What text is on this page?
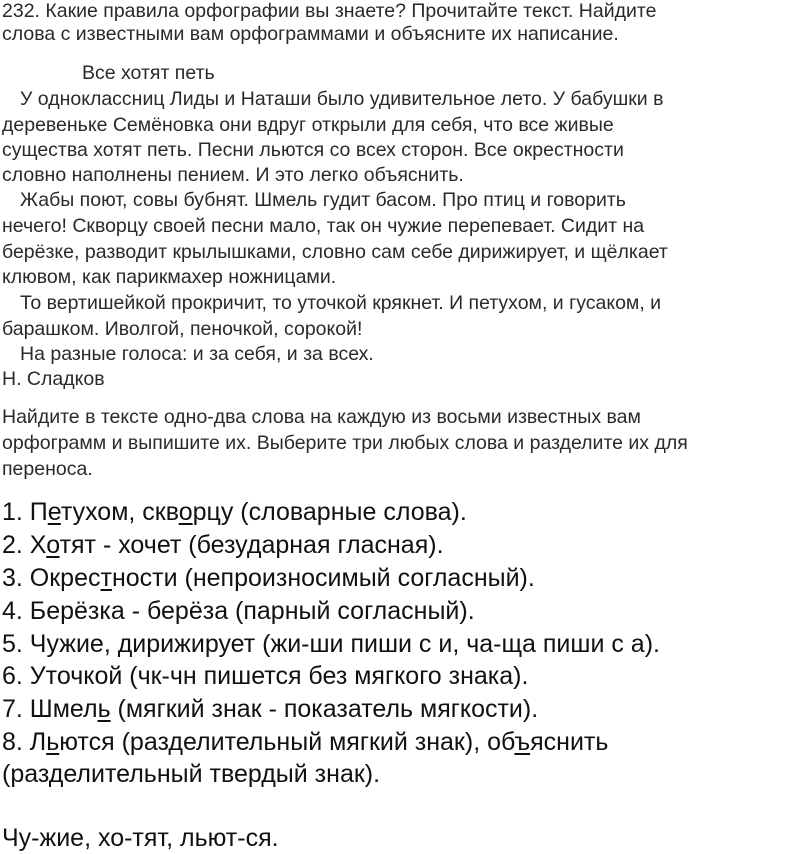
232. Какие правила орфографии вы знаете? Прочитайте текст. Найдите
слова с известными вам орфограммами и объясните их написание.
Все хотят петь
У одноклассниц Лиды и Наташи было удивительное лето. У бабушки в
деревеньке Семёновка они вдруг открыли для себя, что все живые
существа хотят петь. Песни льются со всех сторон. Все окрестности
словно наполнены пением. И это легко объяснить.
Жабы поют, совы бубнят. Шмель гудит басом. Про птиц и говорить
нечего! Скворцу своей песни мало, так он чужие перепевает. Сидит на
берёзке, разводит крылышками, словно сам себе дирижирует, и щёлкает
клювом, как парикмахер ножницами.
То вертишейкой прокричит, то уточкой крякнет. И петухом, и гусаком, и
барашком. Иволгой, пеночкой, сорокой!
На разные голоса: и за себя, и за всех.
Н. Сладков
Найдите в тексте одно-два слова на каждую из восьми известных вам
орфограмм и выпишите их. Выберите три любых слова и разделите их для
переноса.
1. Петухом, скворцу (словарные слова).
2. Хотят - хочет (безударная гласная).
3. Окрестности (непроизносимый согласный).
4. Берёзка - берёза (парный согласный).
5. Чужие, дирижирует (жи-ши пиши с и, ча-ща пиши с а).
6. Уточкой (чк-чн пишется без мягкого знака).
7. Шмель (мягкий знак - показатель мягкости).
8. Льются (разделительный мягкий знак), объяснить
(разделительный твердый знак).
Чу-жие, хо-тят, льют-ся.
